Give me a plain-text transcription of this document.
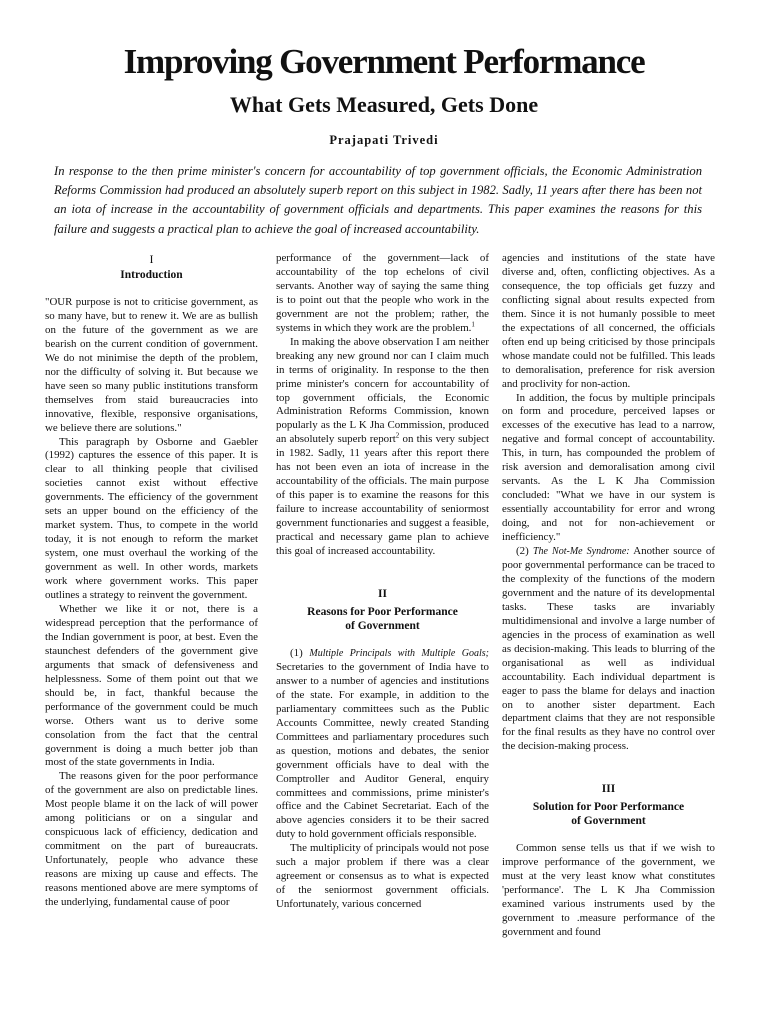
Improving Government Performance
What Gets Measured, Gets Done
Prajapati Trivedi

In response to the then prime minister's concern for accountability of top government officials, the Economic Administration Reforms Commission had produced an absolutely superb report on this subject in 1982. Sadly, 11 years after there has been not an iota of increase in the accountability of government officials and departments. This paper examines the reasons for this failure and suggests a practical plan to achieve the goal of increased accountability.

I
Introduction

"OUR purpose is not to criticise government, as so many have, but to renew it. We are as bullish on the future of the government as we are bearish on the current condition of government. We do not minimise the depth of the problem, nor the difficulty of solving it. But because we have seen so many public institutions transform themselves from staid bureaucracies into innovative, flexible, responsive organisations, we believe there are solutions."

This paragraph by Osborne and Gaebler (1992) captures the essence of this paper. It is clear to all thinking people that civilised societies cannot exist without effective governments. The efficiency of the government sets an upper bound on the efficiency of the market system. Thus, to compete in the world today, it is not enough to reform the market system, one must overhaul the working of the government as well. In other words, markets work where government works. This paper outlines a strategy to reinvent the government.

Whether we like it or not, there is a widespread perception that the performance of the Indian government is poor, at best. Even the staunchest defenders of the government give arguments that smack of defensiveness and helplessness. Some of them point out that we should be, in fact, thankful because the performance of the government could be much worse. Others want us to derive some consolation from the fact that the central government is doing a much better job than most of the state governments in India.

The reasons given for the poor performance of the government are also on predictable lines. Most people blame it on the lack of will power among politicians or on a singular and conspicuous lack of efficiency, dedication and commitment on the part of bureaucrats. Unfortunately, people who advance these reasons are mixing up cause and effects. The reasons mentioned above are mere symptoms of the underlying, fundamental cause of poor

performance of the government—lack of accountability of the top echelons of civil servants. Another way of saying the same thing is to point out that the people who work in the government are not the problem; rather, the systems in which they work are the problem.$^1$

In making the above observation I am neither breaking any new ground nor can I claim much in terms of originality. In response to the then prime minister's concern for accountability of top government officials, the Economic Administration Reforms Commission, known popularly as the L K Jha Commission, produced an absolutely superb report$^2$ on this very subject in 1982. Sadly, 11 years after this report there has not been even an iota of increase in the accountability of the officials. The main purpose of this paper is to examine the reasons for this failure to increase accountability of seniormost government functionaries and suggest a feasible, practical and necessary game plan to achieve this goal of increased accountability.

II
Reasons for Poor Performance
of Government

(1) Multiple Principals with Multiple Goals; Secretaries to the government of India have to answer to a number of agencies and institutions of the state. For example, in addition to the parliamentary committees such as the Public Accounts Committee, newly created Standing Committees and parliamentary procedures such as question, motions and debates, the senior government officials have to deal with the Comptroller and Auditor General, enquiry committees and commissions, prime minister's office and the Cabinet Secretariat. Each of the above agencies considers it to be their sacred duty to hold government officials responsible.

The multiplicity of principals would not pose such a major problem if there was a clear agreement or consensus as to what is expected of the seniormost government officials. Unfortunately, various concerned

agencies and institutions of the state have diverse and, often, conflicting objectives. As a consequence, the top officials get fuzzy and conflicting signal about results expected from them. Since it is not humanly possible to meet the expectations of all concerned, the officials often end up being criticised by those principals whose mandate could not be fulfilled. This leads to demoralisation, preference for risk aversion and proclivity for non-action.

In addition, the focus by multiple principals on form and procedure, perceived lapses or excesses of the executive has lead to a narrow, negative and formal concept of accountability. This, in turn, has compounded the problem of risk aversion and demoralisation among civil servants. As the L K Jha Commission concluded: "What we have in our system is essentially accountability for error and wrong doing, and not for non-achievement or inefficiency."

(2) The Not-Me Syndrome: Another source of poor governmental performance can be traced to the complexity of the functions of the modern government and the nature of its developmental tasks. These tasks are invariably multidimensional and involve a large number of agencies in the process of examination as well as decision-making. This leads to blurring of the organisational as well as individual accountability. Each individual department is eager to pass the blame for delays and inaction on to another sister department. Each department claims that they are not responsible for the final results as they have no control over the decision-making process.

III
Solution for Poor Performance
of Government

Common sense tells us that if we wish to improve performance of the government, we must at the very least know what constitutes 'performance'. The L K Jha Commission examined various instruments used by the government to .measure performance of the government and found
